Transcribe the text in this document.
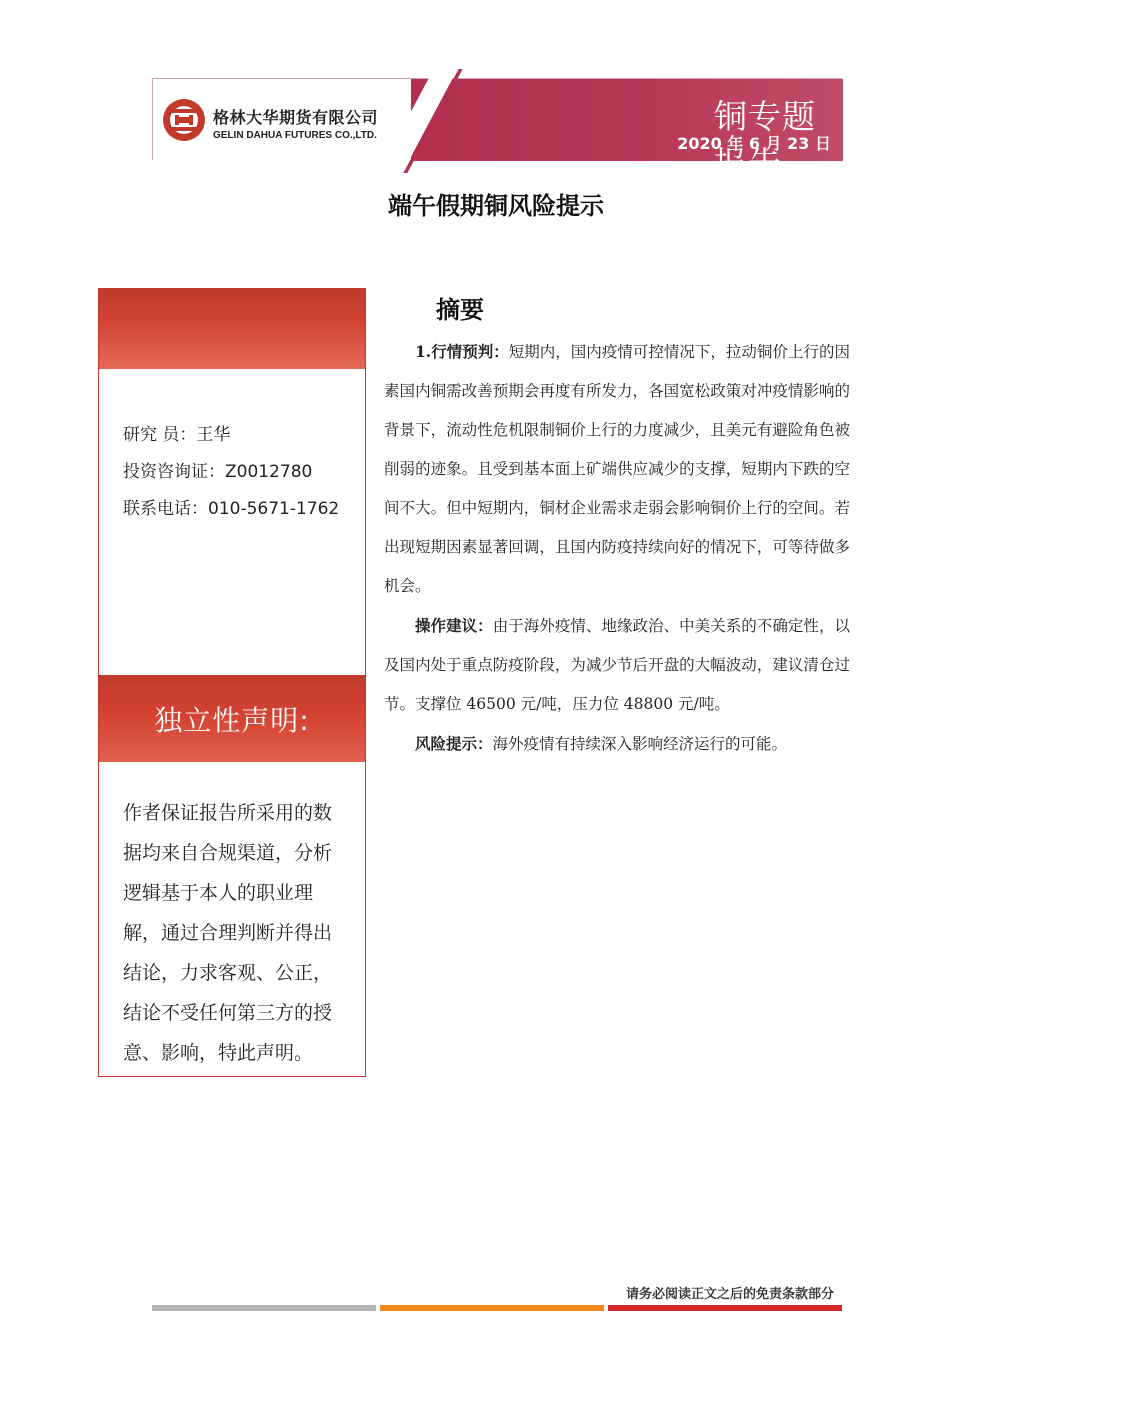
格林大华期货有限公司
GELIN DAHUA FUTURES CO.,LTD.	铜专题报告
2020 年 6 月 23 日
端午假期铜风险提示
研究 员：王华
投资咨询证：Z0012780
联系电话：010-5671-1762
独立性声明:
作者保证报告所采用的数据均来自合规渠道，分析逻辑基于本人的职业理解，通过合理判断并得出结论，力求客观、公正，结论不受任何第三方的授意、影响，特此声明。
摘要

1.行情预判：短期内，国内疫情可控情况下，拉动铜价上行的因素国内铜需改善预期会再度有所发力，各国宽松政策对冲疫情影响的背景下，流动性危机限制铜价上行的力度减少，且美元有避险角色被削弱的迹象。且受到基本面上矿端供应减少的支撑，短期内下跌的空间不大。但中短期内，铜材企业需求走弱会影响铜价上行的空间。若出现短期因素显著回调，且国内防疫持续向好的情况下，可等待做多机会。

操作建议：由于海外疫情、地缘政治、中美关系的不确定性，以及国内处于重点防疫阶段，为减少节后开盘的大幅波动，建议清仓过节。支撑位 46500 元/吨，压力位 48800 元/吨。

风险提示：海外疫情有持续深入影响经济运行的可能。

请务必阅读正文之后的免责条款部分
